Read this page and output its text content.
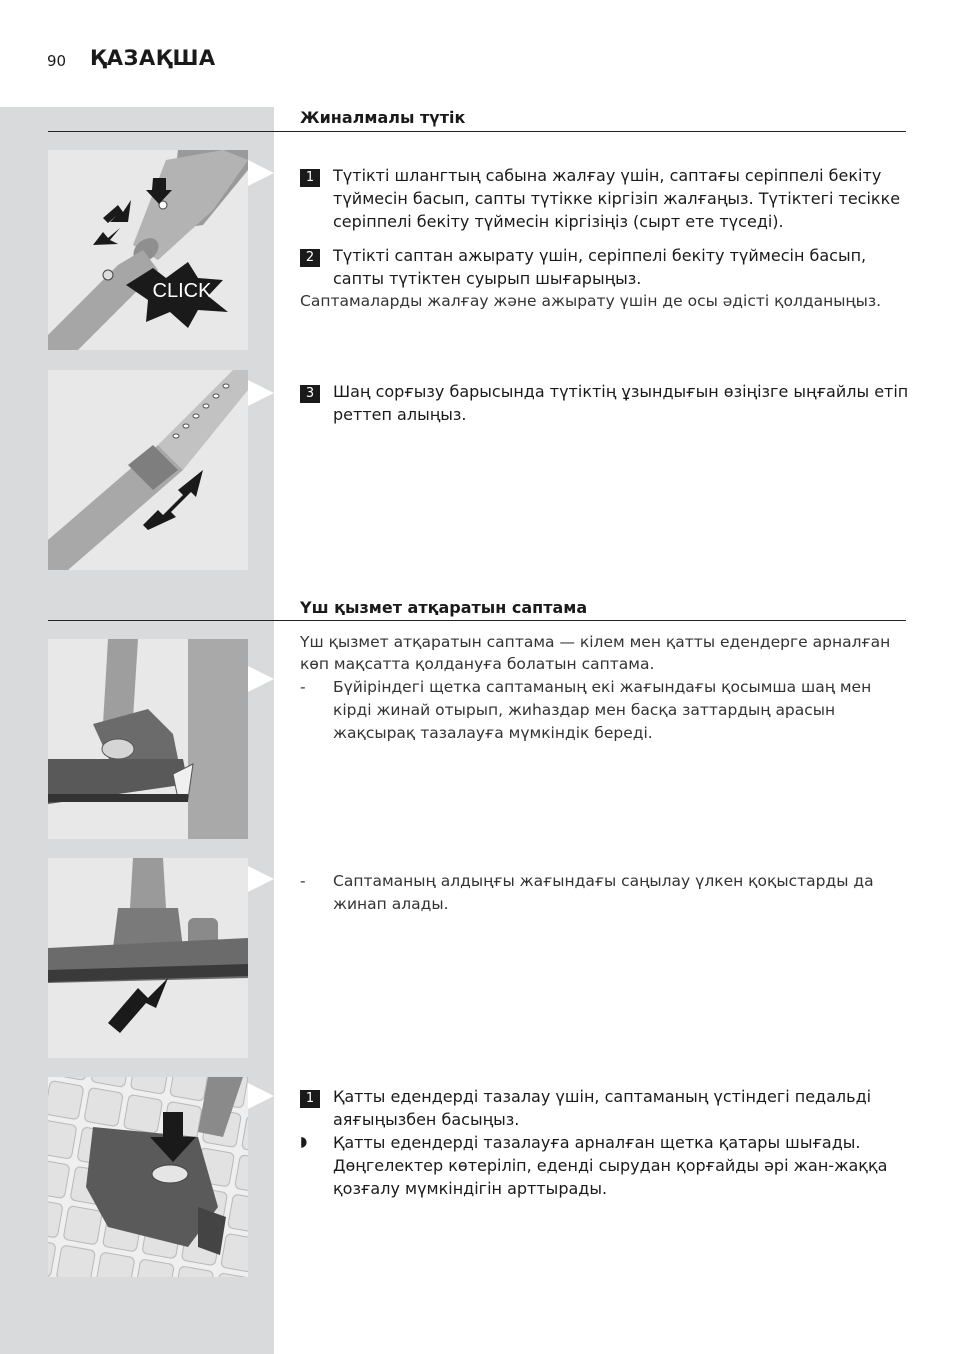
90 ҚАЗАҚША
Жиналмалы түтік
CLICK
1	Түтікті шлангтың сабына жалғау үшін, саптағы серіппелі бекіту түймесін басып, сапты түтікке кіргізіп жалғаңыз. Түтіктегі тесікке серіппелі бекіту түймесін кіргізіңіз (сырт ете түседі).
2	Түтікті саптан ажырату үшін, серіппелі бекіту түймесін басып, сапты түтіктен суырып шығарыңыз.
Саптамаларды жалғау және ажырату үшін де осы әдісті қолданыңыз.
3	Шаң сорғызу барысында түтіктің ұзындығын өзіңізге ыңғайлы етіп реттеп алыңыз.
Үш қызмет атқаратын саптама
Үш қызмет атқаратын саптама — кілем мен қатты едендерге арналған көп мақсатта қолдануға болатын саптама.
- Бүйіріндегі щетка саптаманың екі жағындағы қосымша шаң мен кірді жинай отырып, жиһаздар мен басқа заттардың арасын жақсырақ тазалауға мүмкіндік береді.
- Саптаманың алдыңғы жағындағы саңылау үлкен қоқыстарды да жинап алады.
1	Қатты едендерді тазалау үшін, саптаманың үстіндегі педальді аяғыңызбен басыңыз.
◗ Қатты едендерді тазалауға арналған щетка қатары шығады. Дөңгелектер көтеріліп, еденді сырудан қорғайды әрі жан-жаққа қозғалу мүмкіндігін арттырады.
